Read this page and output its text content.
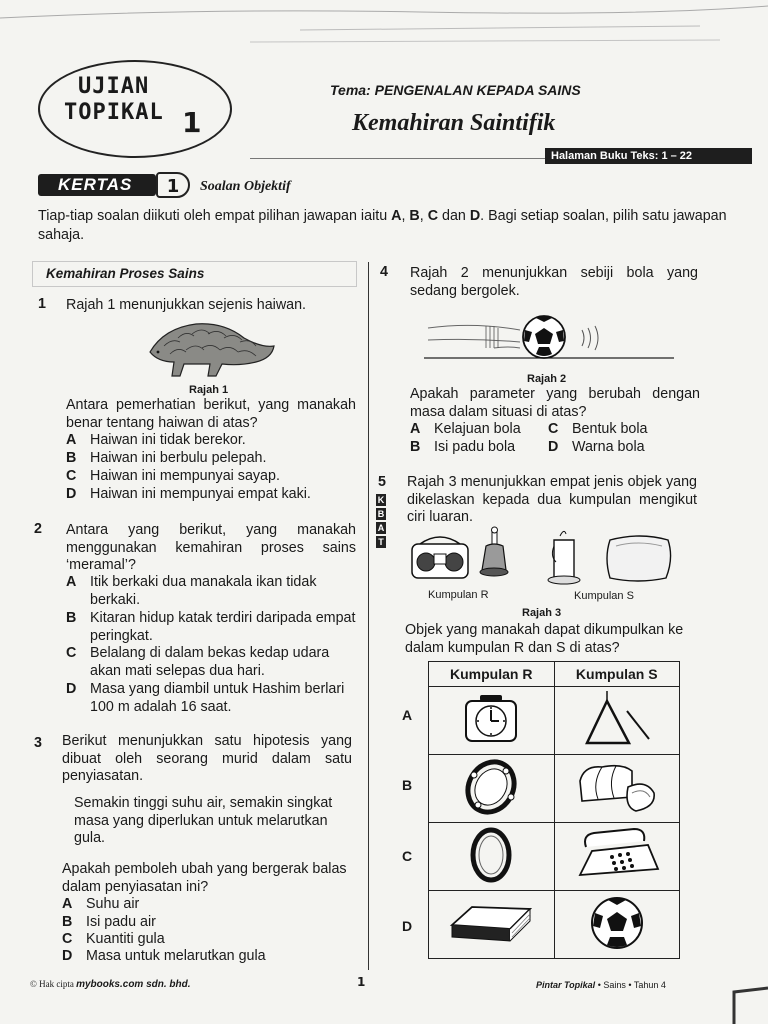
UJIAN
TOPIKAL 1
Tema: PENGENALAN KEPADA SAINS
Kemahiran Saintifik
Halaman Buku Teks: 1 – 22
KERTAS	1	Soalan Objektif
Tiap-tiap soalan diikuti oleh empat pilihan jawapan iaitu A, B, C dan D. Bagi setiap soalan, pilih satu jawapan sahaja.
Kemahiran Proses Sains
1 Rajah 1 menunjukkan sejenis haiwan.
Rajah 1
Antara pemerhatian berikut, yang manakah benar tentang haiwan di atas?
A Haiwan ini tidak berekor.
B Haiwan ini berbulu pelepah.
C Haiwan ini mempunyai sayap.
D Haiwan ini mempunyai empat kaki.
2 Antara yang berikut, yang manakah menggunakan kemahiran proses sains ‘meramal’?
A Itik berkaki dua manakala ikan tidak berkaki.
B Kitaran hidup katak terdiri daripada empat peringkat.
C Belalang di dalam bekas kedap udara akan mati selepas dua hari.
D Masa yang diambil untuk Hashim berlari 100 m adalah 16 saat.
3 Berikut menunjukkan satu hipotesis yang dibuat oleh seorang murid dalam satu penyiasatan.
Semakin tinggi suhu air, semakin singkat masa yang diperlukan untuk melarutkan gula.
Apakah pemboleh ubah yang bergerak balas dalam penyiasatan ini?
A Suhu air
B Isi padu air
C Kuantiti gula
D Masa untuk melarutkan gula
4 Rajah 2 menunjukkan sebiji bola yang sedang bergolek.
Rajah 2
Apakah parameter yang berubah dengan masa dalam situasi di atas?
A Kelajuan bola C Bentuk bola
B Isi padu bola D Warna bola
5
K
B
A
T
Rajah 3 menunjukkan empat jenis objek yang dikelaskan kepada dua kumpulan mengikut ciri luaran.
Kumpulan R	Kumpulan S
Rajah 3
Objek yang manakah dapat dikumpulkan ke dalam kumpulan R dan S di atas?
A
B
C
D
Kumpulan R	Kumpulan S

© Hak cipta mybooks.com sdn. bhd.	1	Pintar Topikal • Sains • Tahun 4
